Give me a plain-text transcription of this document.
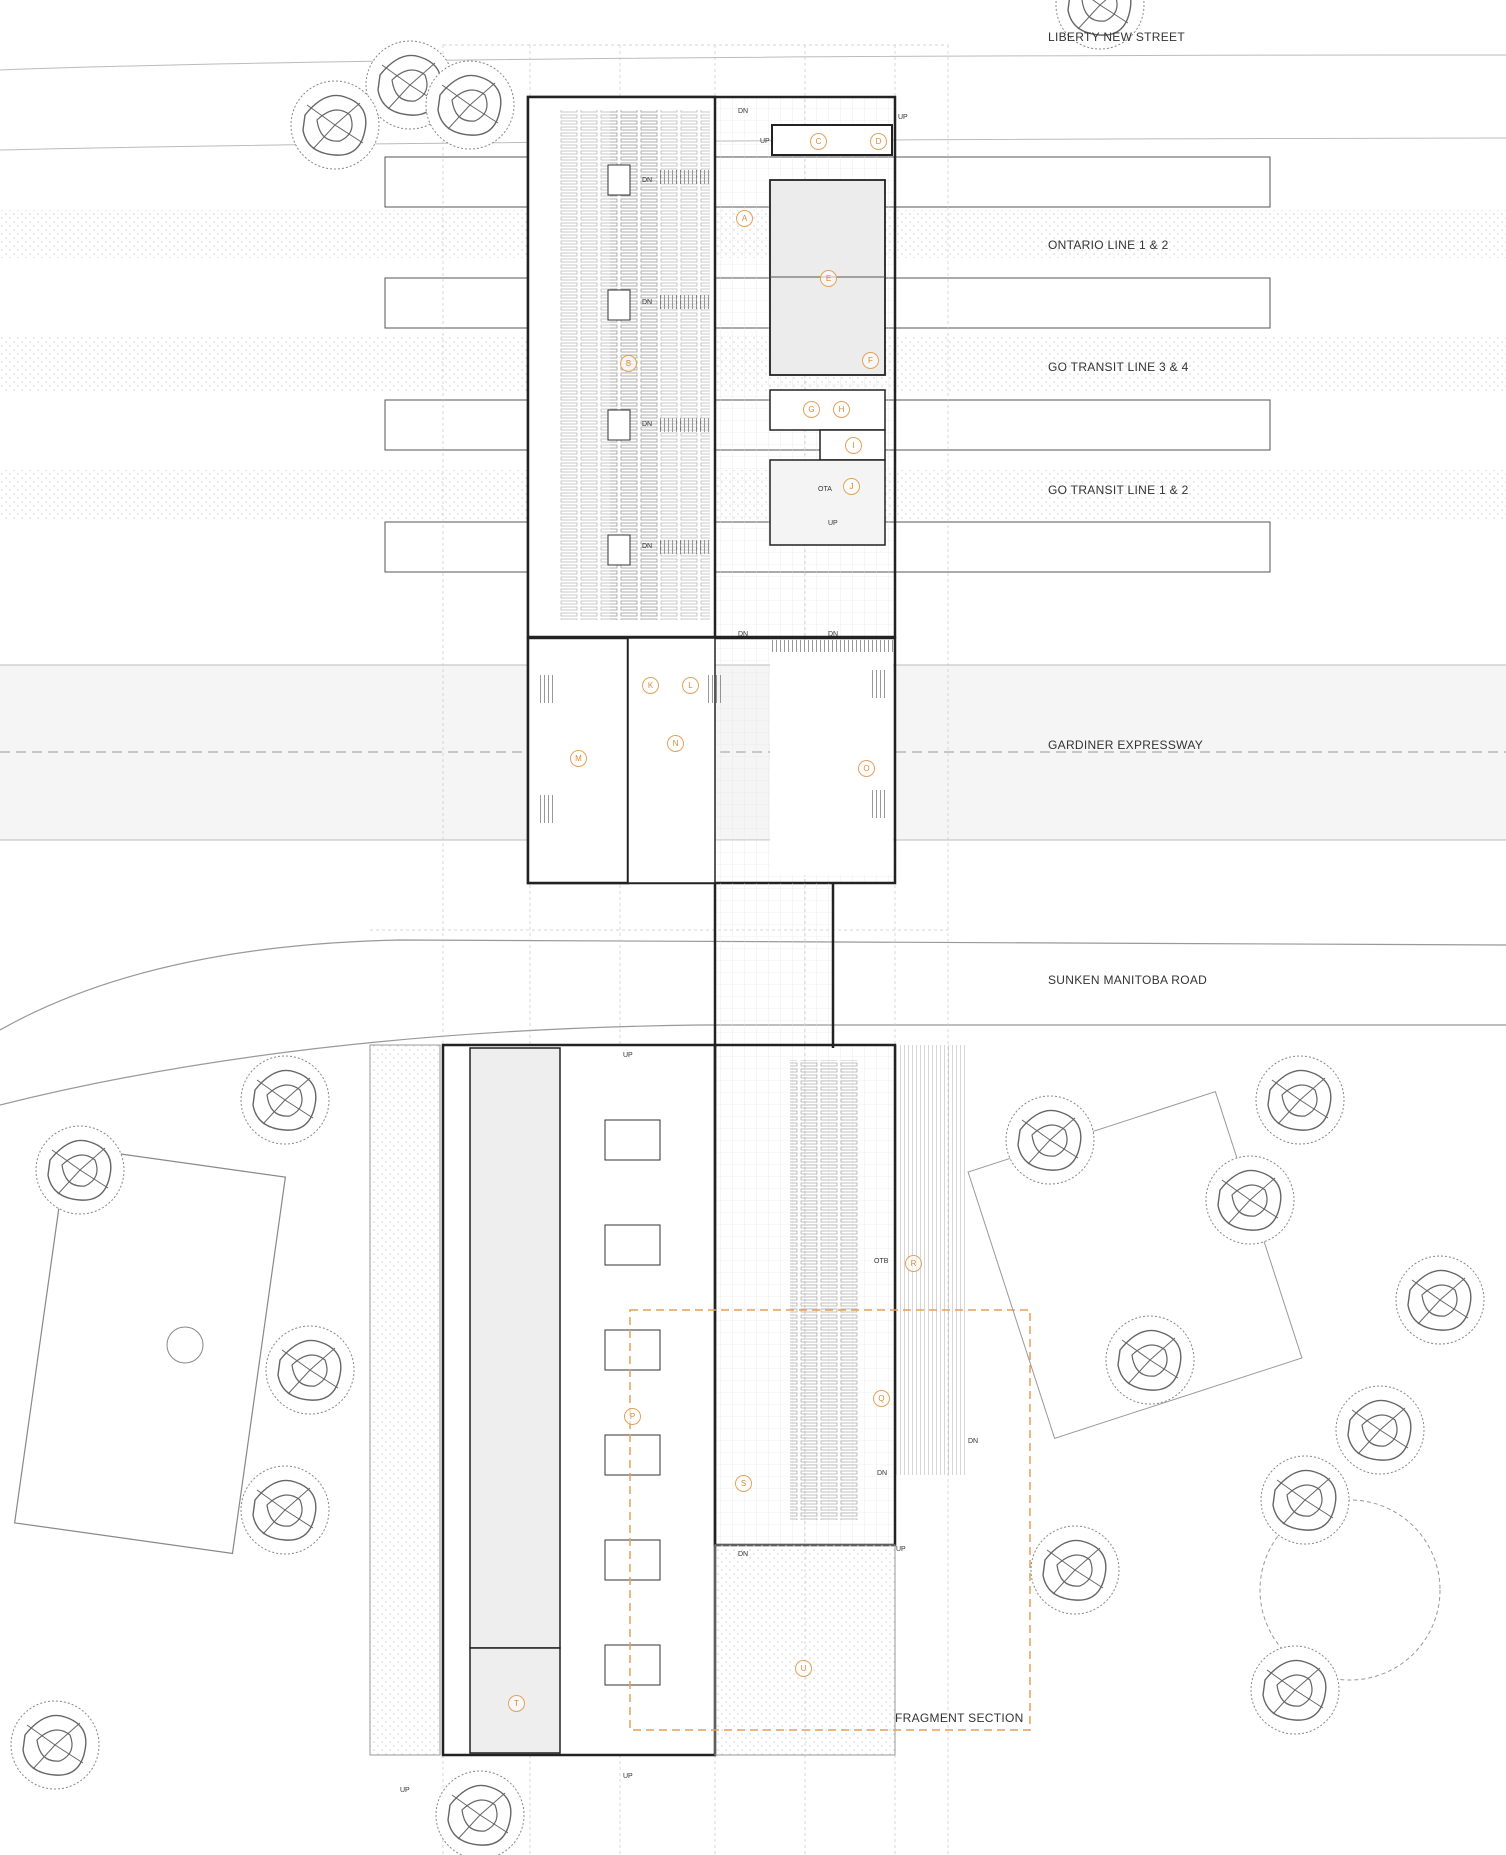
LIBERTY NEW STREET
ONTARIO LINE 1 & 2
GO TRANSIT LINE 3 & 4
GO TRANSIT LINE 1 & 2
GARDINER EXPRESSWAY
SUNKEN MANITOBA ROAD
FRAGMENT SECTION
A
B
C	D
E
F
G	H
I
J
K	L
M
N
O
P
Q
R
S
T
U
DN
UP
UP
DN
DN
DN
DN
OTA
UP
DN	DN
UP
OTB
DN
DN
DN
UP
UP
UP
